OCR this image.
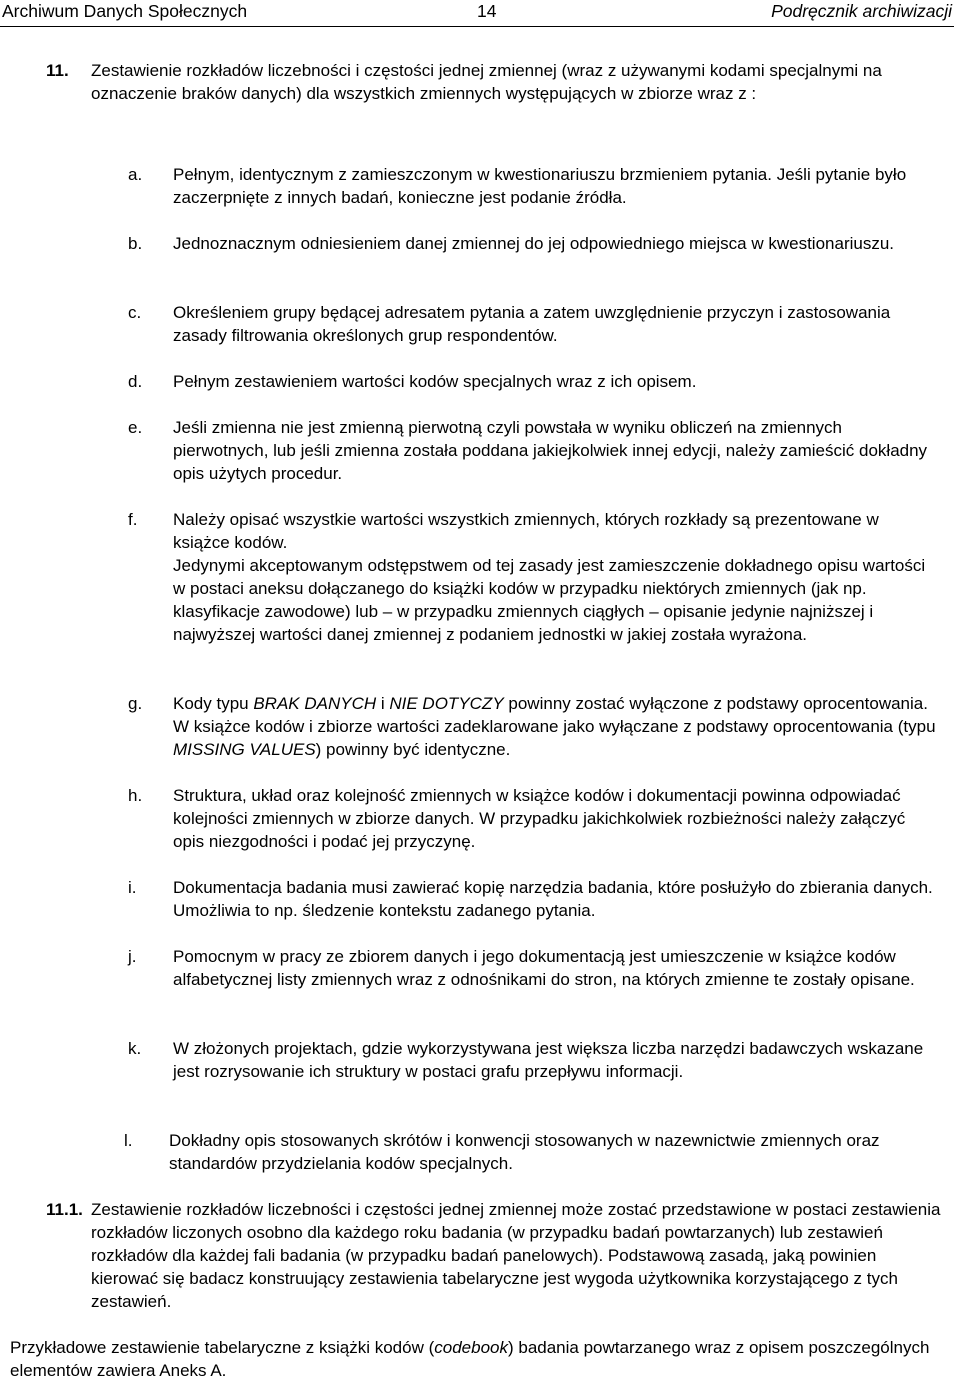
Archiwum Danych Społecznych	14	Podręcznik archiwizacji
11. Zestawienie rozkładów liczebności i częstości jednej zmiennej (wraz z używanymi kodami specjalnymi na oznaczenie braków danych) dla wszystkich zmiennych występujących w zbiorze wraz z :
a. Pełnym, identycznym z zamieszczonym w kwestionariuszu brzmieniem pytania. Jeśli pytanie było zaczerpnięte z innych badań, konieczne jest podanie źródła.
b. Jednoznacznym odniesieniem danej zmiennej do jej odpowiedniego miejsca w kwestionariuszu.
c. Określeniem grupy będącej adresatem pytania a zatem uwzględnienie przyczyn i zastosowania zasady filtrowania określonych grup respondentów.
d. Pełnym zestawieniem wartości kodów specjalnych wraz z ich opisem.
e. Jeśli zmienna nie jest zmienną pierwotną czyli powstała w wyniku obliczeń na zmiennych pierwotnych, lub jeśli zmienna została poddana jakiejkolwiek innej edycji, należy zamieścić dokładny opis użytych procedur.
f. Należy opisać wszystkie wartości wszystkich zmiennych, których rozkłady są prezentowane w książce kodów.
Jedynymi akceptowanym odstępstwem od tej zasady jest zamieszczenie dokładnego opisu wartości w postaci aneksu dołączanego do książki kodów w przypadku niektórych zmiennych (jak np. klasyfikacje zawodowe) lub – w przypadku zmiennych ciągłych – opisanie jedynie najniższej i najwyższej wartości danej zmiennej z podaniem jednostki w jakiej została wyrażona.
g. Kody typu BRAK DANYCH i NIE DOTYCZY powinny zostać wyłączone z podstawy oprocentowania. W książce kodów i zbiorze wartości zadeklarowane jako wyłączane z podstawy oprocentowania (typu MISSING VALUES) powinny być identyczne.
h. Struktura, układ oraz kolejność zmiennych w książce kodów i dokumentacji powinna odpowiadać kolejności zmiennych w zbiorze danych. W przypadku jakichkolwiek rozbieżności należy załączyć opis niezgodności i podać jej przyczynę.
i. Dokumentacja badania musi zawierać kopię narzędzia badania, które posłużyło do zbierania danych. Umożliwia to np. śledzenie kontekstu zadanego pytania.
j. Pomocnym w pracy ze zbiorem danych i jego dokumentacją jest umieszczenie w książce kodów alfabetycznej listy zmiennych wraz z odnośnikami do stron, na których zmienne te zostały opisane.
k. W złożonych projektach, gdzie wykorzystywana jest większa liczba narzędzi badawczych wskazane jest rozrysowanie ich struktury w postaci grafu przepływu informacji.
l. Dokładny opis stosowanych skrótów i konwencji stosowanych w nazewnictwie zmiennych oraz standardów przydzielania kodów specjalnych.
11.1. Zestawienie rozkładów liczebności i częstości jednej zmiennej może zostać przedstawione w postaci zestawienia rozkładów liczonych osobno dla każdego roku badania (w przypadku badań powtarzanych) lub zestawień rozkładów dla każdej fali badania (w przypadku badań panelowych). Podstawową zasadą, jaką powinien kierować się badacz konstruujący zestawienia tabelaryczne jest wygoda użytkownika korzystającego z tych zestawień.
Przykładowe zestawienie tabelaryczne z książki kodów (codebook) badania powtarzanego wraz z opisem poszczególnych elementów zawiera Aneks A.
